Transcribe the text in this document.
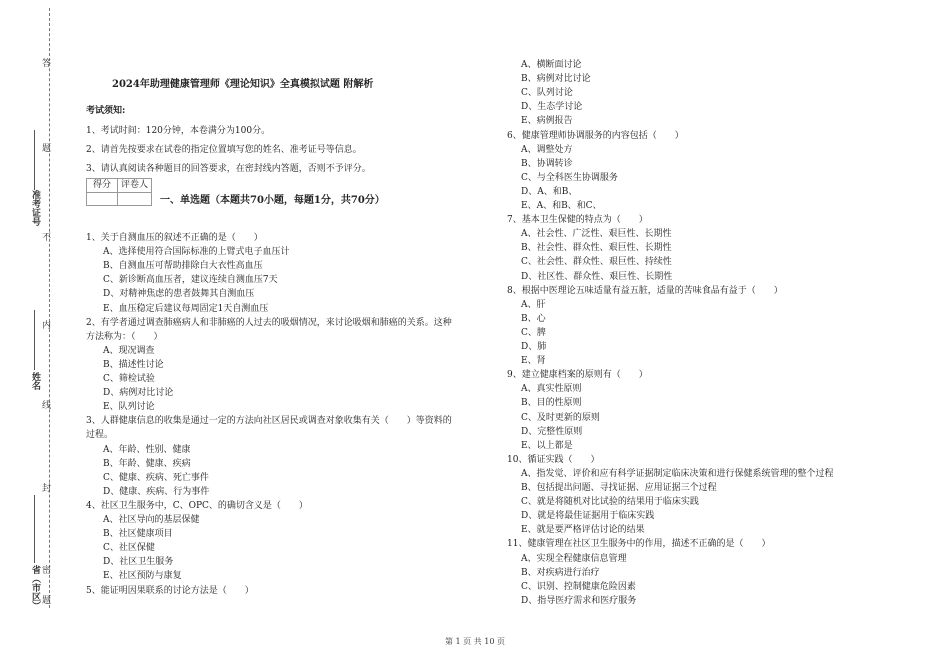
答
题
不
内
线
封
密
题
准考证号
姓名
省（市区）
2024年助理健康管理师《理论知识》全真模拟试题 附解析
考试须知:
1、考试时间：120分钟，本卷满分为100分。
2、请首先按要求在试卷的指定位置填写您的姓名、准考证号等信息。
3、请认真阅读各种题目的回答要求，在密封线内答题，否则不予评分。
得分	评卷人
一、单选题（本题共70小题，每题1分，共70分）
1、关于自测血压的叙述不正确的是（　　）
A、选择使用符合国际标准的上臂式电子血压计
B、自测血压可帮助排除白大衣性高血压
C、新诊断高血压者，建议连续自测血压7天
D、对精神焦虑的患者鼓舞其自测血压
E、血压稳定后建议每周固定1天自测血压
2、有学者通过调查肺癌病人和非肺癌的人过去的吸烟情况，来讨论吸烟和肺癌的关系。这种
方法称为：（　　）
A、现况调查
B、描述性讨论
C、筛检试验
D、病例对比讨论
E、队列讨论
3、人群健康信息的收集是通过一定的方法向社区居民或调查对象收集有关（　　）等资料的
过程。
A、年龄、性别、健康
B、年龄、健康、疾病
C、健康、疾病、死亡事件
D、健康、疾病、行为事件
4、社区卫生服务中，C、OPC、的确切含义是（　　）
A、社区导向的基层保健
B、社区健康项目
C、社区保健
D、社区卫生服务
E、社区预防与康复
5、能证明因果联系的讨论方法是（　　）
A、横断面讨论
B、病例对比讨论
C、队列讨论
D、生态学讨论
E、病例报告
6、健康管理师协调服务的内容包括（　　）
A、调整处方
B、协调转诊
C、与全科医生协调服务
D、A、和B、
E、A、和B、和C、
7、基本卫生保健的特点为（　　）
A、社会性、广泛性、艰巨性、长期性
B、社会性、群众性、艰巨性、长期性
C、社会性、群众性、艰巨性、持续性
D、社区性、群众性、艰巨性、长期性
8、根据中医理论五味适量有益五脏，适量的苦味食品有益于（　　）
A、肝
B、心
C、脾
D、肺
E、肾
9、建立健康档案的原则有（　　）
A、真实性原则
B、目的性原则
C、及时更新的原则
D、完整性原则
E、以上都是
10、循证实践（　　）
A、指发觉、评价和应有科学证据制定临床决策和进行保健系统管理的整个过程
B、包括提出问题、寻找证据、应用证据三个过程
C、就是将随机对比试验的结果用于临床实践
D、就是将最佳证据用于临床实践
E、就是要严格评估讨论的结果
11、健康管理在社区卫生服务中的作用，描述不正确的是（　　）
A、实现全程健康信息管理
B、对疾病进行治疗
C、识别、控制健康危险因素
D、指导医疗需求和医疗服务
第 1 页 共 10 页
